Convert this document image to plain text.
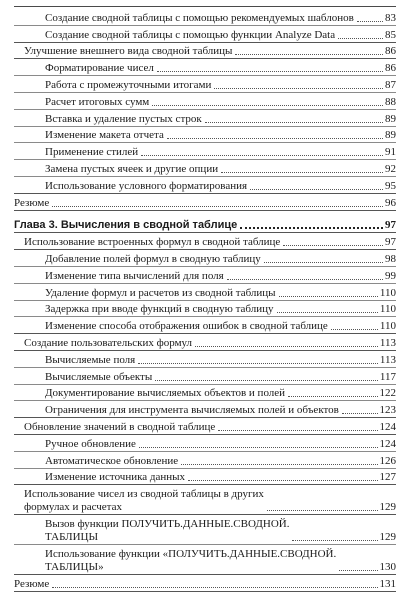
Создание сводной таблицы с помощью рекомендуемых шаблонов	83
Создание сводной таблицы с помощью функции Analyze Data	85
Улучшение внешнего вида сводной таблицы	86
Форматирование чисел	86
Работа с промежуточными итогами	87
Расчет итоговых сумм	88
Вставка и удаление пустых строк	89
Изменение макета отчета	89
Применение стилей	91
Замена пустых ячеек и другие опции	92
Использование условного форматирования	95
Резюме	96
Глава 3. Вычисления в сводной таблице	97
Использование встроенных формул в сводной таблице	97
Добавление полей формул в сводную таблицу	98
Изменение типа вычислений для поля	99
Удаление формул и расчетов из сводной таблицы	110
Задержка при вводе функций в сводную таблицу	110
Изменение способа отображения ошибок в сводной таблице	110
Создание пользовательских формул	113
Вычисляемые поля	113
Вычисляемые объекты	117
Документирование вычисляемых объектов и полей	122
Ограничения для инструмента вычисляемых полей и объектов	123
Обновление значений в сводной таблице	124
Ручное обновление	124
Автоматическое обновление	126
Изменение источника данных	127
Использование чисел из сводной таблицы в других
формулах и расчетах	129
Вызов функции ПОЛУЧИТЬ.ДАННЫЕ.СВОДНОЙ.
ТАБЛИЦЫ	129
Использование функции «ПОЛУЧИТЬ.ДАННЫЕ.СВОДНОЙ.
ТАБЛИЦЫ»	130
Резюме	131
